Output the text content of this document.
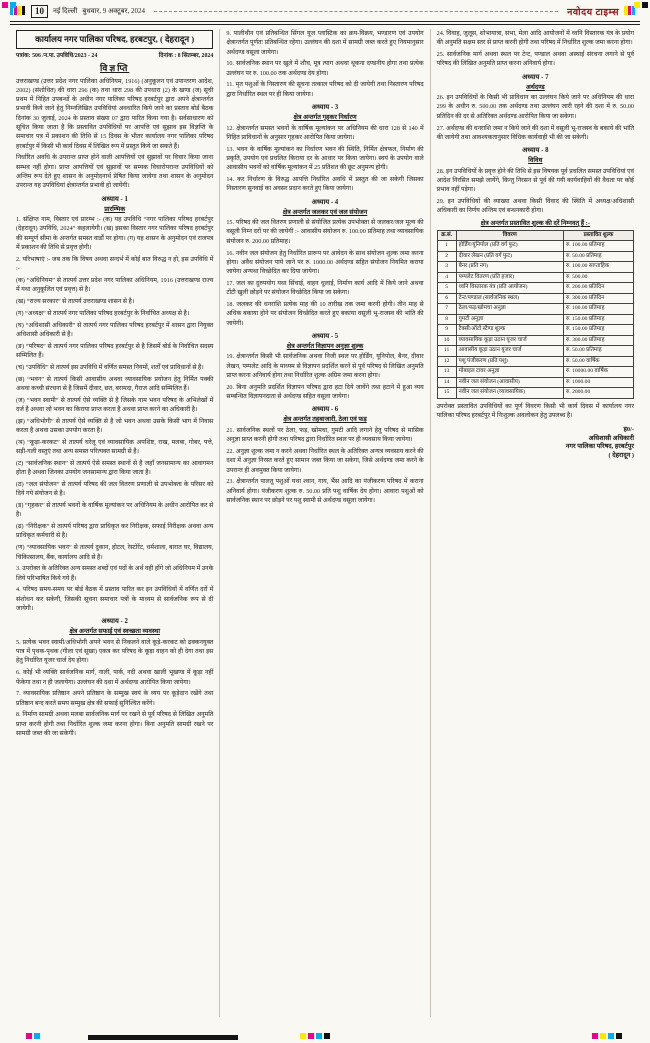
10	नई दिल्ली बुधवार, 9 अक्टूबर, 2024	नवोदय टाइम्स
कार्यालय नगर पालिका परिषद, हरबटपुर, ( देहरादून )
पत्रांक: 506 /न.पा. उपविधि/2023 - 24	दिनांक : 8 सितम्बर, 2024
विज्ञप्ति

उत्तराखण्ड (उत्तर प्रदेश नगर पालिका अधिनियम, 1916) (अनुकूलन एवं उपान्तरण आदेश, 2002) (संशोधित) की धारा 296 (क) तथा धारा 298 की उपधारा (2) के खण्ड (ज) सूची प्रथम में निहित उपबन्धों के अधीन नगर पालिका परिषद हरबर्टपुर द्वारा अपने क्षेत्रान्तर्गत प्रभावी किये जाने हेतु निम्नलिखित उपविधियां अवधारित किये जाने का प्रस्ताव बोर्ड बैठक दिनांक 30 जुलाई, 2024 के प्रस्ताव संख्या 07 द्वारा पारित किया गया है। सर्वसाधारण को सूचित किया जाता है कि प्रस्तावित उपविधियों पर आपत्ति एवं सुझाव इस विज्ञप्ति के समाचार पत्र में प्रकाशन की तिथि से 15 दिवस के भीतर कार्यालय नगर पालिका परिषद हरबर्टपुर में किसी भी कार्य दिवस में लिखित रूप में प्रस्तुत किये जा सकते हैं।

निर्धारित अवधि के उपरान्त प्राप्त होने वाली आपत्तियों एवं सुझावों पर विचार किया जाना सम्भव नहीं होगा। प्राप्त आपत्तियों एवं सुझावों पर सम्यक विचारोपरान्त उपविधियों को अन्तिम रूप देते हुए शासन के अनुमोदनार्थ प्रेषित किया जायेगा तथा शासन के अनुमोदन उपरान्त यह उपविधियां क्षेत्रान्तर्गत प्रभावी हो जायेंगी।

अध्याय - 1
प्रारम्भिक

1. संक्षिप्त नाम, विस्तार एवं प्रारम्भ :- (क) यह उपविधि “नगर पालिका परिषद हरबर्टपुर (देहरादून) उपविधि, 2024” कहलायेगी। (ख) इसका विस्तार नगर पालिका परिषद हरबर्टपुर की सम्पूर्ण सीमा के अन्तर्गत समस्त वार्डों पर होगा। (ग) यह शासन के अनुमोदन एवं राजपत्र में प्रकाशन की तिथि से प्रवृत्त होगी।

2. परिभाषाएं :- जब तक कि विषय अथवा सन्दर्भ में कोई बात विरुद्ध न हो, इस उपविधि में :-

(क) “अधिनियम” से तात्पर्य उत्तर प्रदेश नगर पालिका अधिनियम, 1916 (उत्तराखण्ड राज्य में यथा अनुकूलित एवं प्रवृत्त) से है।

(ख) “राज्य सरकार” से तात्पर्य उत्तराखण्ड शासन से है।

(ग) “अध्यक्ष” से तात्पर्य नगर पालिका परिषद हरबर्टपुर के निर्वाचित अध्यक्ष से है।

(घ) “अधिशासी अधिकारी” से तात्पर्य नगर पालिका परिषद हरबर्टपुर में शासन द्वारा नियुक्त अधिशासी अधिकारी से है।

(ङ) “परिषद” से तात्पर्य नगर पालिका परिषद हरबर्टपुर से है जिसमें बोर्ड के निर्वाचित सदस्य सम्मिलित हैं।

(च) “उपविधि” से तात्पर्य इस उपविधि में वर्णित समस्त नियमों, शर्तों एवं प्राविधानों से है।

(छ) “भवन” से तात्पर्य किसी आवासीय अथवा व्यावसायिक प्रयोजन हेतु निर्मित पक्की अथवा कच्ची संरचना से है जिसमें दीवार, छत, बरामदा, गैराज आदि सम्मिलित हैं।

(ज) “भवन स्वामी” से तात्पर्य ऐसे व्यक्ति से है जिसके नाम भवन परिषद के अभिलेखों में दर्ज है अथवा जो भवन का किराया प्राप्त करता है अथवा प्राप्त करने का अधिकारी है।

(झ) “अधिभोगी” से तात्पर्य ऐसे व्यक्ति से है जो भवन अथवा उसके किसी भाग में निवास करता है अथवा उसका उपयोग करता है।

(ञ) “कूड़ा-करकट” से तात्पर्य घरेलू एवं व्यावसायिक अपशिष्ट, राख, मलबा, गोबर, पत्ते, सड़ी-गली वस्तुएं तथा अन्य समस्त परित्यक्त सामग्री से है।

(ट) “सार्वजनिक स्थान” से तात्पर्य ऐसे समस्त स्थानों से है जहाँ जनसामान्य का आवागमन होता है अथवा जिनका उपयोग जनसामान्य द्वारा किया जाता है।

(ठ) “जल संयोजन” से तात्पर्य परिषद की जल वितरण प्रणाली से उपभोक्ता के परिसर को दिये गये संयोजन से है।

(ड) “गृहकर” से तात्पर्य भवनों के वार्षिक मूल्यांकन पर अधिनियम के अधीन आरोपित कर से है।

(ढ) “निरीक्षक” से तात्पर्य परिषद द्वारा प्राधिकृत कर निरीक्षक, सफाई निरीक्षक अथवा अन्य प्राधिकृत कर्मचारी से है।

(ण) “व्यावसायिक भवन” से तात्पर्य दुकान, होटल, रेस्टोरेंट, धर्मशाला, बारात घर, विद्यालय, चिकित्सालय, बैंक, कार्यालय आदि से है।

3. उपरोक्त के अतिरिक्त अन्य समस्त शब्दों एवं पदों के अर्थ वही होंगे जो अधिनियम में उनके लिये परिभाषित किये गये हैं।

4. परिषद समय-समय पर बोर्ड बैठक में प्रस्ताव पारित कर इन उपविधियों में वर्णित दरों में संशोधन कर सकेगी, जिसकी सूचना समाचार पत्रों के माध्यम से सार्वजनिक रूप से दी जायेगी।

अध्याय - 2
क्षेत्र अन्तर्गत सफाई एवं स्वच्छता व्यवस्था

5. प्रत्येक भवन स्वामी/अधिभोगी अपने भवन से निकलने वाले कूड़े-करकट को ढक्कनयुक्त पात्र में पृथक-पृथक (गीला एवं सूखा) एकत्र कर परिषद के कूड़ा वाहन को ही देगा तथा इस हेतु निर्धारित यूजर चार्ज देय होगा।

6. कोई भी व्यक्ति सार्वजनिक मार्ग, नाली, पार्क, नदी अथवा खाली भूखण्ड में कूड़ा नहीं फेंकेगा तथा न ही जलायेगा। उल्लंघन की दशा में अर्थदण्ड आरोपित किया जायेगा।

7. व्यावसायिक प्रतिष्ठान अपने प्रतिष्ठान के सम्मुख स्वयं के व्यय पर कूड़ेदान रखेंगे तथा प्रतिष्ठान बन्द करते समय सम्मुख क्षेत्र की सफाई सुनिश्चित करेंगे।

8. निर्माण सामग्री अथवा मलबा सार्वजनिक मार्ग पर रखने से पूर्व परिषद से लिखित अनुमति प्राप्त करनी होगी तथा निर्धारित शुल्क जमा करना होगा। बिना अनुमति सामग्री रखने पर सामग्री जब्त की जा सकेगी।

9. पालीथीन एवं प्रतिबन्धित सिंगल यूज प्लास्टिक का क्रय-विक्रय, भण्डारण एवं उपयोग क्षेत्रान्तर्गत पूर्णतः प्रतिबन्धित रहेगा। उल्लंघन की दशा में सामग्री जब्त करते हुए नियमानुसार अर्थदण्ड वसूला जायेगा।

10. सार्वजनिक स्थान पर खुले में शौच, मूत्र त्याग अथवा थूकना दण्डनीय होगा तथा प्रत्येक उल्लंघन पर रु. 100.00 तक अर्थदण्ड देय होगा।

11. मृत पशुओं के निस्तारण की सूचना तत्काल परिषद को दी जायेगी तथा निस्तारण परिषद द्वारा निर्धारित स्थल पर ही किया जायेगा।

अध्याय - 3
क्षेत्र अन्तर्गत गृहकर निर्धारण

12. क्षेत्रान्तर्गत समस्त भवनों के वार्षिक मूल्यांकन पर अधिनियम की धारा 128 से 140 में निहित प्राविधानों के अनुसार गृहकर आरोपित किया जायेगा।

13. भवन के वार्षिक मूल्यांकन का निर्धारण भवन की स्थिति, निर्मित क्षेत्रफल, निर्माण की प्रकृति, उपयोग एवं प्रचलित किराया दर के आधार पर किया जायेगा। स्वयं के उपयोग वाले आवासीय भवनों को वार्षिक मूल्यांकन में 25 प्रतिशत की छूट अनुमन्य होगी।

14. कर निर्धारण के विरुद्ध आपत्ति निर्धारित अवधि में प्रस्तुत की जा सकेगी जिसका निस्तारण सुनवाई का अवसर प्रदान करते हुए किया जायेगा।

अध्याय - 4
क्षेत्र अन्तर्गत जलकर एवं जल संयोजन

15. परिषद की जल वितरण प्रणाली से संयोजित प्रत्येक उपभोक्ता से जलकर/जल मूल्य की वसूली निम्न दरों पर की जायेगी :- आवासीय संयोजन रु. 100.00 प्रतिमाह तथा व्यावसायिक संयोजन रु. 200.00 प्रतिमाह।

16. नवीन जल संयोजन हेतु निर्धारित प्रारूप पर आवेदन के साथ संयोजन शुल्क जमा करना होगा। अवैध संयोजन पाये जाने पर रु. 1000.00 अर्थदण्ड सहित संयोजन नियमित कराया जायेगा अन्यथा विच्छेदित कर दिया जायेगा।

17. जल का दुरुपयोग यथा सिंचाई, वाहन धुलाई, निर्माण कार्य आदि में किये जाने अथवा टोंटी खुली छोड़ने पर संयोजन विच्छेदित किया जा सकेगा।

18. जलकर की धनराशि प्रत्येक माह की 10 तारीख तक जमा करनी होगी। तीन माह से अधिक बकाया होने पर संयोजन विच्छेदित करते हुए बकाया वसूली भू-राजस्व की भांति की जायेगी।

अध्याय - 5
क्षेत्र अन्तर्गत विज्ञापन अनुज्ञा शुल्क

19. क्षेत्रान्तर्गत किसी भी सार्वजनिक अथवा निजी स्थल पर होर्डिंग, यूनिपोल, बैनर, दीवार लेखन, पम्पलेट आदि के माध्यम से विज्ञापन प्रदर्शित करने से पूर्व परिषद से लिखित अनुमति प्राप्त करना अनिवार्य होगा तथा निर्धारित शुल्क अग्रिम जमा करना होगा।

20. बिना अनुमति प्रदर्शित विज्ञापन परिषद द्वारा हटा दिये जायेंगे तथा हटाने में हुआ व्यय सम्बन्धित विज्ञापनदाता से अर्थदण्ड सहित वसूला जायेगा।

अध्याय - 6
क्षेत्र अन्तर्गत तहबाजारी, ठेला एवं फड़

21. सार्वजनिक स्थलों पर ठेला, फड़, खोमचा, गुमटी आदि लगाने हेतु परिषद से मासिक अनुज्ञा प्राप्त करनी होगी तथा परिषद द्वारा निर्धारित स्थल पर ही व्यवसाय किया जायेगा।

22. अनुज्ञा शुल्क जमा न करने अथवा निर्धारित स्थल के अतिरिक्त अन्यत्र व्यवसाय करने की दशा में अनुज्ञा निरस्त करते हुए सामान जब्त किया जा सकेगा, जिसे अर्थदण्ड जमा करने के उपरान्त ही अवमुक्त किया जायेगा।

23. क्षेत्रान्तर्गत पालतू पशुओं यथा श्वान, गाय, भैंस आदि का पंजीकरण परिषद में कराना अनिवार्य होगा। पंजीकरण शुल्क रु. 50.00 प्रति पशु वार्षिक देय होगा। आवारा पशुओं को सार्वजनिक स्थान पर छोड़ने पर पशु स्वामी से अर्थदण्ड वसूला जायेगा।

24. विवाह, जुलूस, शोभायात्रा, सभा, मेला आदि आयोजनों में ध्वनि विस्तारक यंत्र के प्रयोग की अनुमति सक्षम स्तर से प्राप्त करनी होगी तथा परिषद में निर्धारित शुल्क जमा करना होगा।

25. सार्वजनिक मार्ग अथवा स्थल पर टेन्ट, पण्डाल अथवा अस्थाई संरचना लगाने से पूर्व परिषद की लिखित अनुमति प्राप्त करना अनिवार्य होगा।

अध्याय - 7
अर्थदण्ड

26. इन उपविधियों के किसी भी प्राविधान का उल्लंघन किये जाने पर अधिनियम की धारा 299 के अधीन रु. 500.00 तक अर्थदण्ड तथा उल्लंघन जारी रहने की दशा में रु. 50.00 प्रतिदिन की दर से अतिरिक्त अर्थदण्ड आरोपित किया जा सकेगा।

27. अर्थदण्ड की धनराशि जमा न किये जाने की दशा में वसूली भू-राजस्व के बकाये की भांति की जायेगी तथा आवश्यकतानुसार विधिक कार्यवाही भी की जा सकेगी।

अध्याय - 8
विविध

28. इन उपविधियों के प्रवृत्त होने की तिथि से इस विषयक पूर्व प्रचलित समस्त उपविधियां एवं आदेश निरसित समझे जायेंगे, किन्तु निरसन से पूर्व की गयी कार्यवाहियों की वैधता पर कोई प्रभाव नहीं पड़ेगा।

29. इन उपविधियों की व्याख्या अथवा किसी विवाद की स्थिति में अध्यक्ष/अधिशासी अधिकारी का निर्णय अन्तिम एवं बन्धनकारी होगा।

क्षेत्र अन्तर्गत प्रस्तावित शुल्क की दरें निम्नवत् हैं :-
क्र.सं.	विवरण	प्रस्तावित शुल्क
1	होर्डिंग/यूनिपोल (प्रति वर्ग फुट)	रु. 100.00 प्रतिमाह
2	दीवार लेखन (प्रति वर्ग फुट)	रु. 50.00 प्रतिमाह
3	बैनर (प्रति नग)	रु. 100.00 साप्ताहिक
4	पम्पलेट वितरण (प्रति हजार)	रु. 500.00
5	ध्वनि विस्तारक यंत्र (प्रति आयोजन)	रु. 200.00 प्रतिदिन
6	टेन्ट/पण्डाल (सार्वजनिक स्थल)	रु. 300.00 प्रतिदिन
7	ठेला/फड़/खोमचा अनुज्ञा	रु. 100.00 प्रतिमाह
8	गुमटी अनुज्ञा	रु. 150.00 प्रतिमाह
9	टैक्सी/ऑटो स्टैण्ड शुल्क	रु. 150.00 प्रतिमाह
10	व्यावसायिक कूड़ा उठान यूजर चार्ज	रु. 300.00 प्रतिमाह
11	आवासीय कूड़ा उठान यूजर चार्ज	रु. 50.00 प्रतिमाह
12	पशु पंजीकरण (प्रति पशु)	रु. 50.00 वार्षिक
13	मोबाइल टावर अनुज्ञा	रु. 10000.00 वार्षिक
14	नवीन जल संयोजन (आवासीय)	रु. 1000.00
15	नवीन जल संयोजन (व्यावसायिक)	रु. 2000.00

उपरोक्त प्रस्तावित उपविधियों का पूर्ण विवरण किसी भी कार्य दिवस में कार्यालय नगर पालिका परिषद हरबर्टपुर में निःशुल्क अवलोकन हेतु उपलब्ध है।

ह0/-
अधिशासी अधिकारी
नगर पालिका परिषद, हरबर्टपुर
( देहरादून )
